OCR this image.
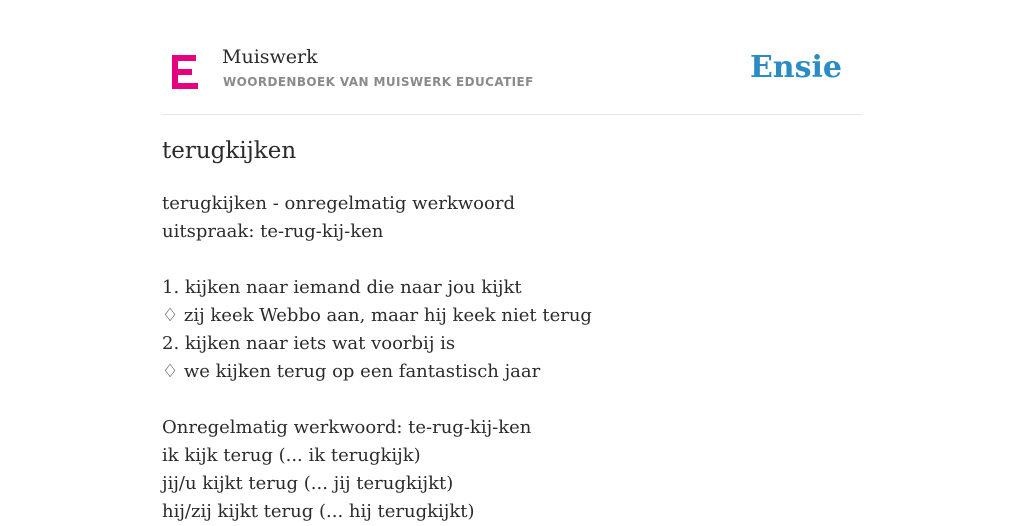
Muiswerk
WOORDENBOEK VAN MUISWERK EDUCATIEF	Ensie
terugkijken
terugkijken - onregelmatig werkwoord
uitspraak: te-rug-kij-ken
1. kijken naar iemand die naar jou kijkt
♢ zij keek Webbo aan, maar hij keek niet terug
2. kijken naar iets wat voorbij is
♢ we kijken terug op een fantastisch jaar
Onregelmatig werkwoord: te-rug-kij-ken
ik kijk terug (... ik terugkijk)
jij/u kijkt terug (... jij terugkijkt)
hij/zij kijkt terug (... hij terugkijkt)
